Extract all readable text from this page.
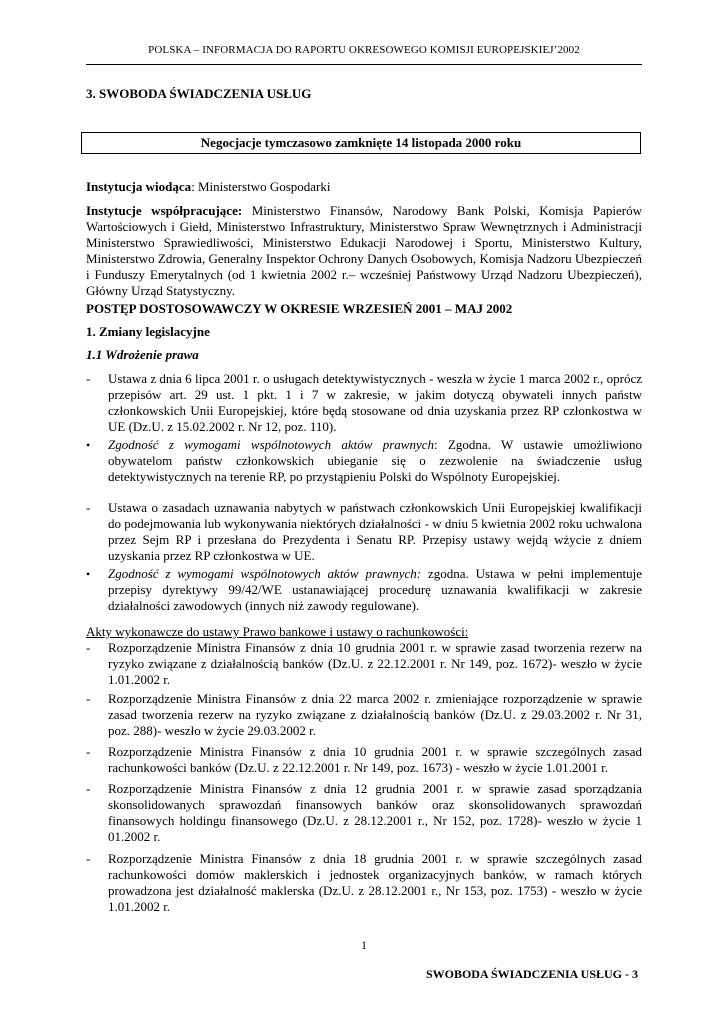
POLSKA – INFORMACJA DO RAPORTU OKRESOWEGO KOMISJI EUROPEJSKIEJ’2002
3. SWOBODA ŚWIADCZENIA USŁUG
Negocjacje tymczasowo zamknięte 14 listopada 2000 roku
Instytucja wiodąca: Ministerstwo Gospodarki
Instytucje współpracujące: Ministerstwo Finansów, Narodowy Bank Polski, Komisja Papierów Wartościowych i Giełd, Ministerstwo Infrastruktury, Ministerstwo Spraw Wewnętrznych i Administracji Ministerstwo Sprawiedliwości, Ministerstwo Edukacji Narodowej i Sportu, Ministerstwo Kultury, Ministerstwo Zdrowia, Generalny Inspektor Ochrony Danych Osobowych, Komisja Nadzoru Ubezpieczeń i Funduszy Emerytalnych (od 1 kwietnia 2002 r.– wcześniej Państwowy Urząd Nadzoru Ubezpieczeń), Główny Urząd Statystyczny.
POSTĘP DOSTOSOWAWCZY W OKRESIE WRZESIEŃ 2001 – MAJ 2002
1. Zmiany legislacyjne
1.1 Wdrożenie prawa
-	Ustawa z dnia 6 lipca 2001 r. o usługach detektywistycznych - weszła w życie 1 marca 2002 r., oprócz przepisów art. 29 ust. 1 pkt. 1 i 7 w zakresie, w jakim dotyczą obywateli innych państw członkowskich Unii Europejskiej, które będą stosowane od dnia uzyskania przez RP członkostwa w UE (Dz.U. z 15.02.2002 r. Nr 12, poz. 110).
•	Zgodność z wymogami wspólnotowych aktów prawnych: Zgodna. W ustawie umożliwiono obywatelom państw członkowskich ubieganie się o zezwolenie na świadczenie usług detektywistycznych na terenie RP, po przystąpieniu Polski do Wspólnoty Europejskiej.
-	Ustawa o zasadach uznawania nabytych w państwach członkowskich Unii Europejskiej kwalifikacji do podejmowania lub wykonywania niektórych działalności - w dniu 5 kwietnia 2002 roku uchwalona przez Sejm RP i przesłana do Prezydenta i Senatu RP. Przepisy ustawy wejdą wżycie z dniem uzyskania przez RP członkostwa w UE.
•	Zgodność z wymogami wspólnotowych aktów prawnych: zgodna. Ustawa w pełni implementuje przepisy dyrektywy 99/42/WE ustanawiającej procedurę uznawania kwalifikacji w zakresie działalności zawodowych (innych niż zawody regulowane).
Akty wykonawcze do ustawy Prawo bankowe i ustawy o rachunkowości:
-	Rozporządzenie Ministra Finansów z dnia 10 grudnia 2001 r. w sprawie zasad tworzenia rezerw na ryzyko związane z działalnością banków (Dz.U. z 22.12.2001 r. Nr 149, poz. 1672)- weszło w życie 1.01.2002 r.
-	Rozporządzenie Ministra Finansów z dnia 22 marca 2002 r. zmieniające rozporządzenie w sprawie zasad tworzenia rezerw na ryzyko związane z działalnością banków (Dz.U. z 29.03.2002 r. Nr 31, poz. 288)- weszło w życie 29.03.2002 r.
-	Rozporządzenie Ministra Finansów z dnia 10 grudnia 2001 r. w sprawie szczególnych zasad rachunkowości banków (Dz.U. z 22.12.2001 r. Nr 149, poz. 1673) - weszło w życie 1.01.2001 r.
-	Rozporządzenie Ministra Finansów z dnia 12 grudnia 2001 r. w sprawie zasad sporządzania skonsolidowanych sprawozdań finansowych banków oraz skonsolidowanych sprawozdań finansowych holdingu finansowego (Dz.U. z 28.12.2001 r., Nr 152, poz. 1728)- weszło w życie 1 01.2002 r.
-	Rozporządzenie Ministra Finansów z dnia 18 grudnia 2001 r. w sprawie szczególnych zasad rachunkowości domów maklerskich i jednostek organizacyjnych banków, w ramach których prowadzona jest działalność maklerska (Dz.U. z 28.12.2001 r., Nr 153, poz. 1753) - weszło w życie 1.01.2002 r.
1
SWOBODA ŚWIADCZENIA USŁUG - 3
